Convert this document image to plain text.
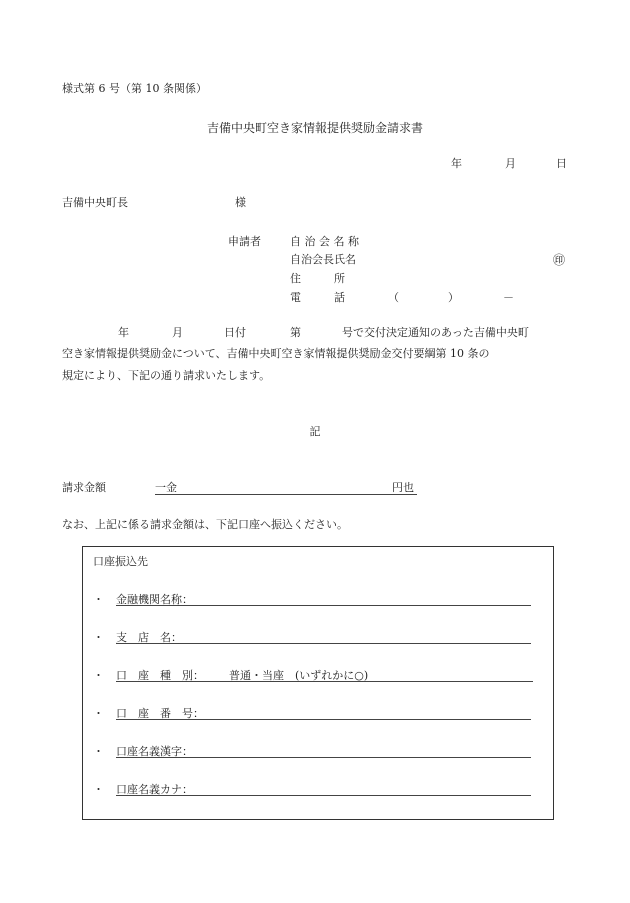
様式第 6 号（第 10 条関係）
吉備中央町空き家情報提供奨励金請求書
年	月	日
吉備中央町長	様
申請者	自 治 会 名 称
自治会長氏名	㊞
住　　　所
電　　　話	（	）	－
年	月	日付	第	号で交付決定通知のあった吉備中央町
空き家情報提供奨励金について、吉備中央町空き家情報提供奨励金交付要綱第 10 条の
規定により、下記の通り請求いたします。
記
請求金額	一金	円也
なお、上記に係る請求金額は、下記口座へ振込ください。
口座振込先
・ 金融機関名称：
・ 支　店　名：
・ 口　座　種　別： 普通・当座　(いずれかに○)
・ 口　座　番　号：
・ 口座名義漢字：
・ 口座名義カナ：
